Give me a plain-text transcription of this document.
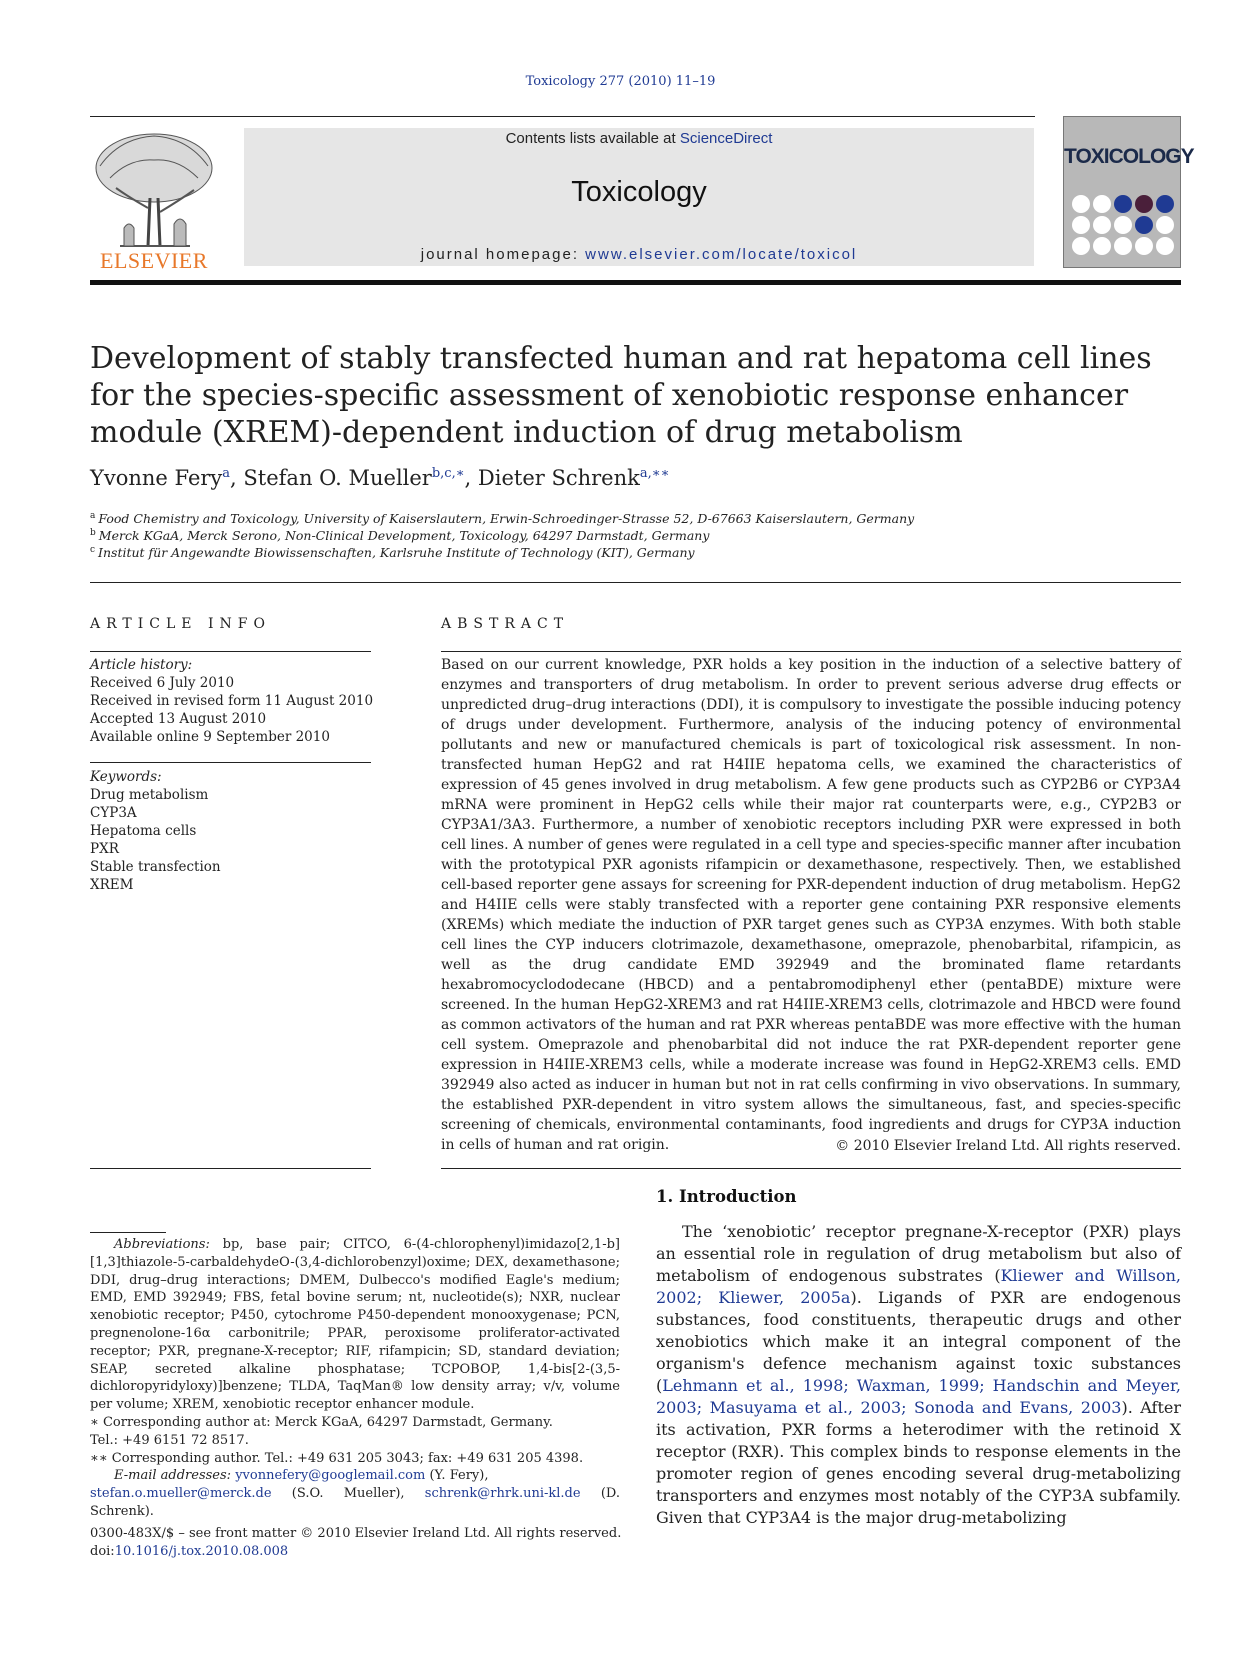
Toxicology 277 (2010) 11–19
ELSEVIER
Contents lists available at ScienceDirect
Toxicology
journal homepage: www.elsevier.com/locate/toxicol
TOXICOLOGY
Development of stably transfected human and rat hepatoma cell lines for the species-specific assessment of xenobiotic response enhancer module (XREM)-dependent induction of drug metabolism
Yvonne Fery$^a$, Stefan O. Mueller$^{b,c,∗}$, Dieter Schrenk$^{a,∗∗}$
$^a$ Food Chemistry and Toxicology, University of Kaiserslautern, Erwin-Schroedinger-Strasse 52, D-67663 Kaiserslautern, Germany
$^b$ Merck KGaA, Merck Serono, Non-Clinical Development, Toxicology, 64297 Darmstadt, Germany
$^c$ Institut für Angewandte Biowissenschaften, Karlsruhe Institute of Technology (KIT), Germany
ARTICLE INFO
Article history:
Received 6 July 2010
Received in revised form 11 August 2010
Accepted 13 August 2010
Available online 9 September 2010
Keywords:
Drug metabolism
CYP3A
Hepatoma cells
PXR
Stable transfection
XREM
ABSTRACT
Based on our current knowledge, PXR holds a key position in the induction of a selective battery of enzymes and transporters of drug metabolism. In order to prevent serious adverse drug effects or unpredicted drug–drug interactions (DDI), it is compulsory to investigate the possible inducing potency of drugs under development. Furthermore, analysis of the inducing potency of environmental pollutants and new or manufactured chemicals is part of toxicological risk assessment. In non-transfected human HepG2 and rat H4IIE hepatoma cells, we examined the characteristics of expression of 45 genes involved in drug metabolism. A few gene products such as CYP2B6 or CYP3A4 mRNA were prominent in HepG2 cells while their major rat counterparts were, e.g., CYP2B3 or CYP3A1/3A3. Furthermore, a number of xenobiotic receptors including PXR were expressed in both cell lines. A number of genes were regulated in a cell type and species-specific manner after incubation with the prototypical PXR agonists rifampicin or dexamethasone, respectively. Then, we established cell-based reporter gene assays for screening for PXR-dependent induction of drug metabolism. HepG2 and H4IIE cells were stably transfected with a reporter gene containing PXR responsive elements (XREMs) which mediate the induction of PXR target genes such as CYP3A enzymes. With both stable cell lines the CYP inducers clotrimazole, dexamethasone, omeprazole, phenobarbital, rifampicin, as well as the drug candidate EMD 392949 and the brominated flame retardants hexabromocyclododecane (HBCD) and a pentabromodiphenyl ether (pentaBDE) mixture were screened. In the human HepG2-XREM3 and rat H4IIE-XREM3 cells, clotrimazole and HBCD were found as common activators of the human and rat PXR whereas pentaBDE was more effective with the human cell system. Omeprazole and phenobarbital did not induce the rat PXR-dependent reporter gene expression in H4IIE-XREM3 cells, while a moderate increase was found in HepG2-XREM3 cells. EMD 392949 also acted as inducer in human but not in rat cells confirming in vivo observations. In summary, the established PXR-dependent in vitro system allows the simultaneous, fast, and species-specific screening of chemicals, environmental contaminants, food ingredients and drugs for CYP3A induction in cells of human and rat origin.	© 2010 Elsevier Ireland Ltd. All rights reserved.

Abbreviations: bp, base pair; CITCO, 6-(4-chlorophenyl)imidazo[2,1-b][1,3]thiazole-5-carbaldehydeO-(3,4-dichlorobenzyl)oxime; DEX, dexamethasone; DDI, drug–drug interactions; DMEM, Dulbecco's modified Eagle's medium; EMD, EMD 392949; FBS, fetal bovine serum; nt, nucleotide(s); NXR, nuclear xenobiotic receptor; P450, cytochrome P450-dependent monooxygenase; PCN, pregnenolone-16α carbonitrile; PPAR, peroxisome proliferator-activated receptor; PXR, pregnane-X-receptor; RIF, rifampicin; SD, standard deviation; SEAP, secreted alkaline phosphatase; TCPOBOP, 1,4-bis[2-(3,5-dichloropyridyloxy)]benzene; TLDA, TaqMan® low density array; v/v, volume per volume; XREM, xenobiotic receptor enhancer module.

∗ Corresponding author at: Merck KGaA, 64297 Darmstadt, Germany.

Tel.: +49 6151 72 8517.

∗∗ Corresponding author. Tel.: +49 631 205 3043; fax: +49 631 205 4398.

E-mail addresses: yvonnefery@googlemail.com (Y. Fery),

stefan.o.mueller@merck.de (S.O. Mueller), schrenk@rhrk.uni-kl.de (D. Schrenk).

0300-483X/$ – see front matter © 2010 Elsevier Ireland Ltd. All rights reserved.
doi:10.1016/j.tox.2010.08.008
1. Introduction

The ‘xenobiotic’ receptor pregnane-X-receptor (PXR) plays an essential role in regulation of drug metabolism but also of metabolism of endogenous substrates (Kliewer and Willson, 2002; Kliewer, 2005a). Ligands of PXR are endogenous substances, food constituents, therapeutic drugs and other xenobiotics which make it an integral component of the organism's defence mechanism against toxic substances (Lehmann et al., 1998; Waxman, 1999; Handschin and Meyer, 2003; Masuyama et al., 2003; Sonoda and Evans, 2003). After its activation, PXR forms a heterodimer with the retinoid X receptor (RXR). This complex binds to response elements in the promoter region of genes encoding several drug-metabolizing transporters and enzymes most notably of the CYP3A subfamily. Given that CYP3A4 is the major drug-metabolizing
